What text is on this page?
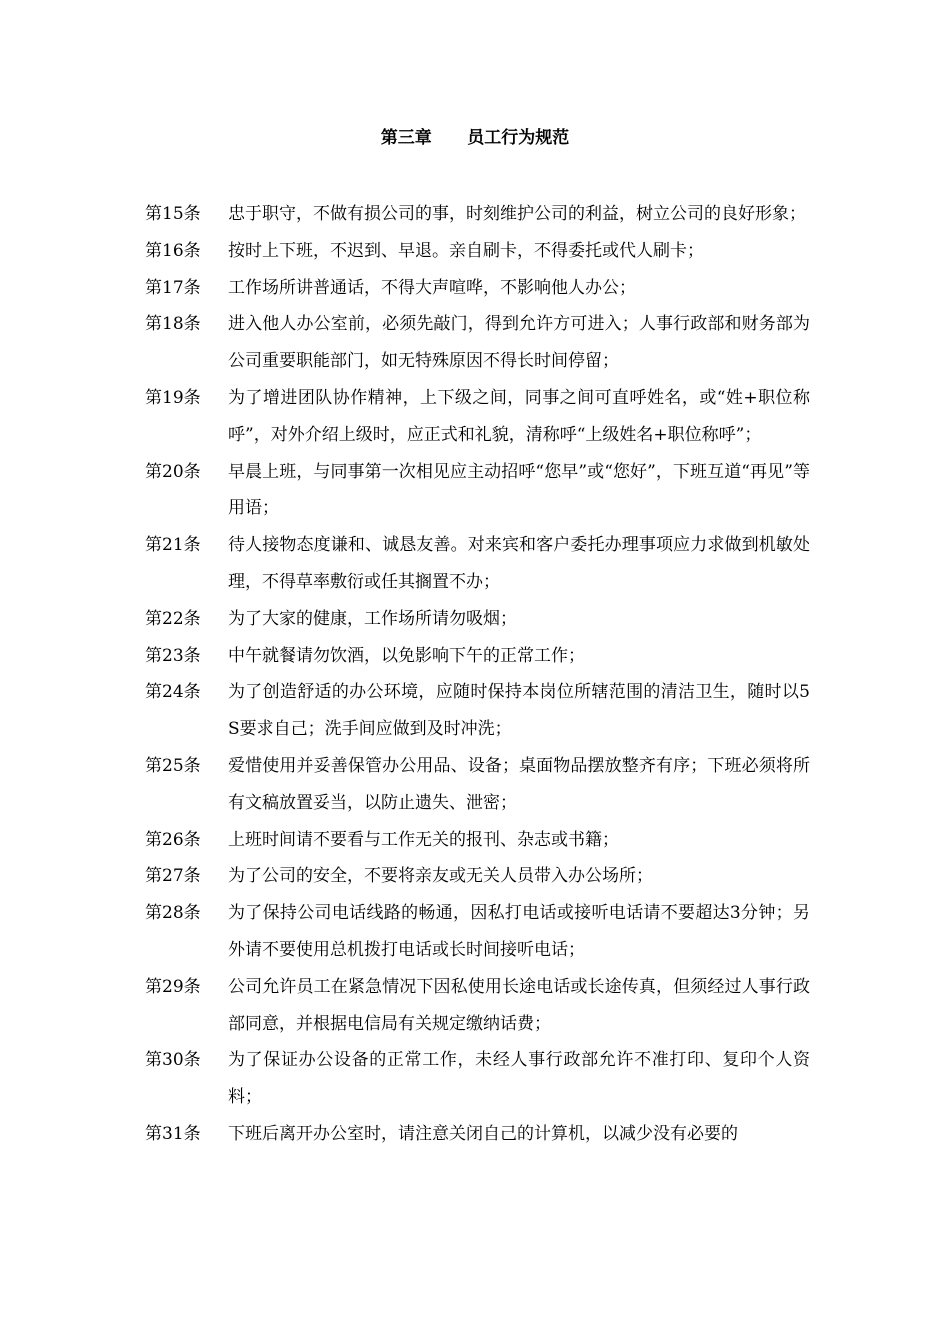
第三章      员工行为规范
第15条	忠于职守，不做有损公司的事，时刻维护公司的利益，树立公司的良好形象；
第16条	按时上下班，不迟到、早退。亲自刷卡，不得委托或代人刷卡；
第17条	工作场所讲普通话，不得大声喧哗，不影响他人办公；
第18条	进入他人办公室前，必须先敲门，得到允许方可进入；人事行政部和财务部为公司重要职能部门，如无特殊原因不得长时间停留；
第19条	为了增进团队协作精神，上下级之间，同事之间可直呼姓名，或“姓+职位称呼”，对外介绍上级时，应正式和礼貌，清称呼“上级姓名+职位称呼”；
第20条	早晨上班，与同事第一次相见应主动招呼“您早”或“您好”，下班互道“再见”等用语；
第21条	待人接物态度谦和、诚恳友善。对来宾和客户委托办理事项应力求做到机敏处理，不得草率敷衍或任其搁置不办；
第22条	为了大家的健康，工作场所请勿吸烟；
第23条	中午就餐请勿饮酒，以免影响下午的正常工作；
第24条	为了创造舒适的办公环境，应随时保持本岗位所辖范围的清洁卫生，随时以5S要求自己；洗手间应做到及时冲洗；
第25条	爱惜使用并妥善保管办公用品、设备；桌面物品摆放整齐有序；下班必须将所有文稿放置妥当，以防止遗失、泄密；
第26条	上班时间请不要看与工作无关的报刊、杂志或书籍；
第27条	为了公司的安全，不要将亲友或无关人员带入办公场所；
第28条	为了保持公司电话线路的畅通，因私打电话或接听电话请不要超达3分钟；另外请不要使用总机拨打电话或长时间接听电话；
第29条	公司允许员工在紧急情况下因私使用长途电话或长途传真，但须经过人事行政部同意，并根据电信局有关规定缴纳话费；
第30条	为了保证办公设备的正常工作，未经人事行政部允许不准打印、复印个人资料；
第31条	下班后离开办公室时，请注意关闭自己的计算机，以减少没有必要的
